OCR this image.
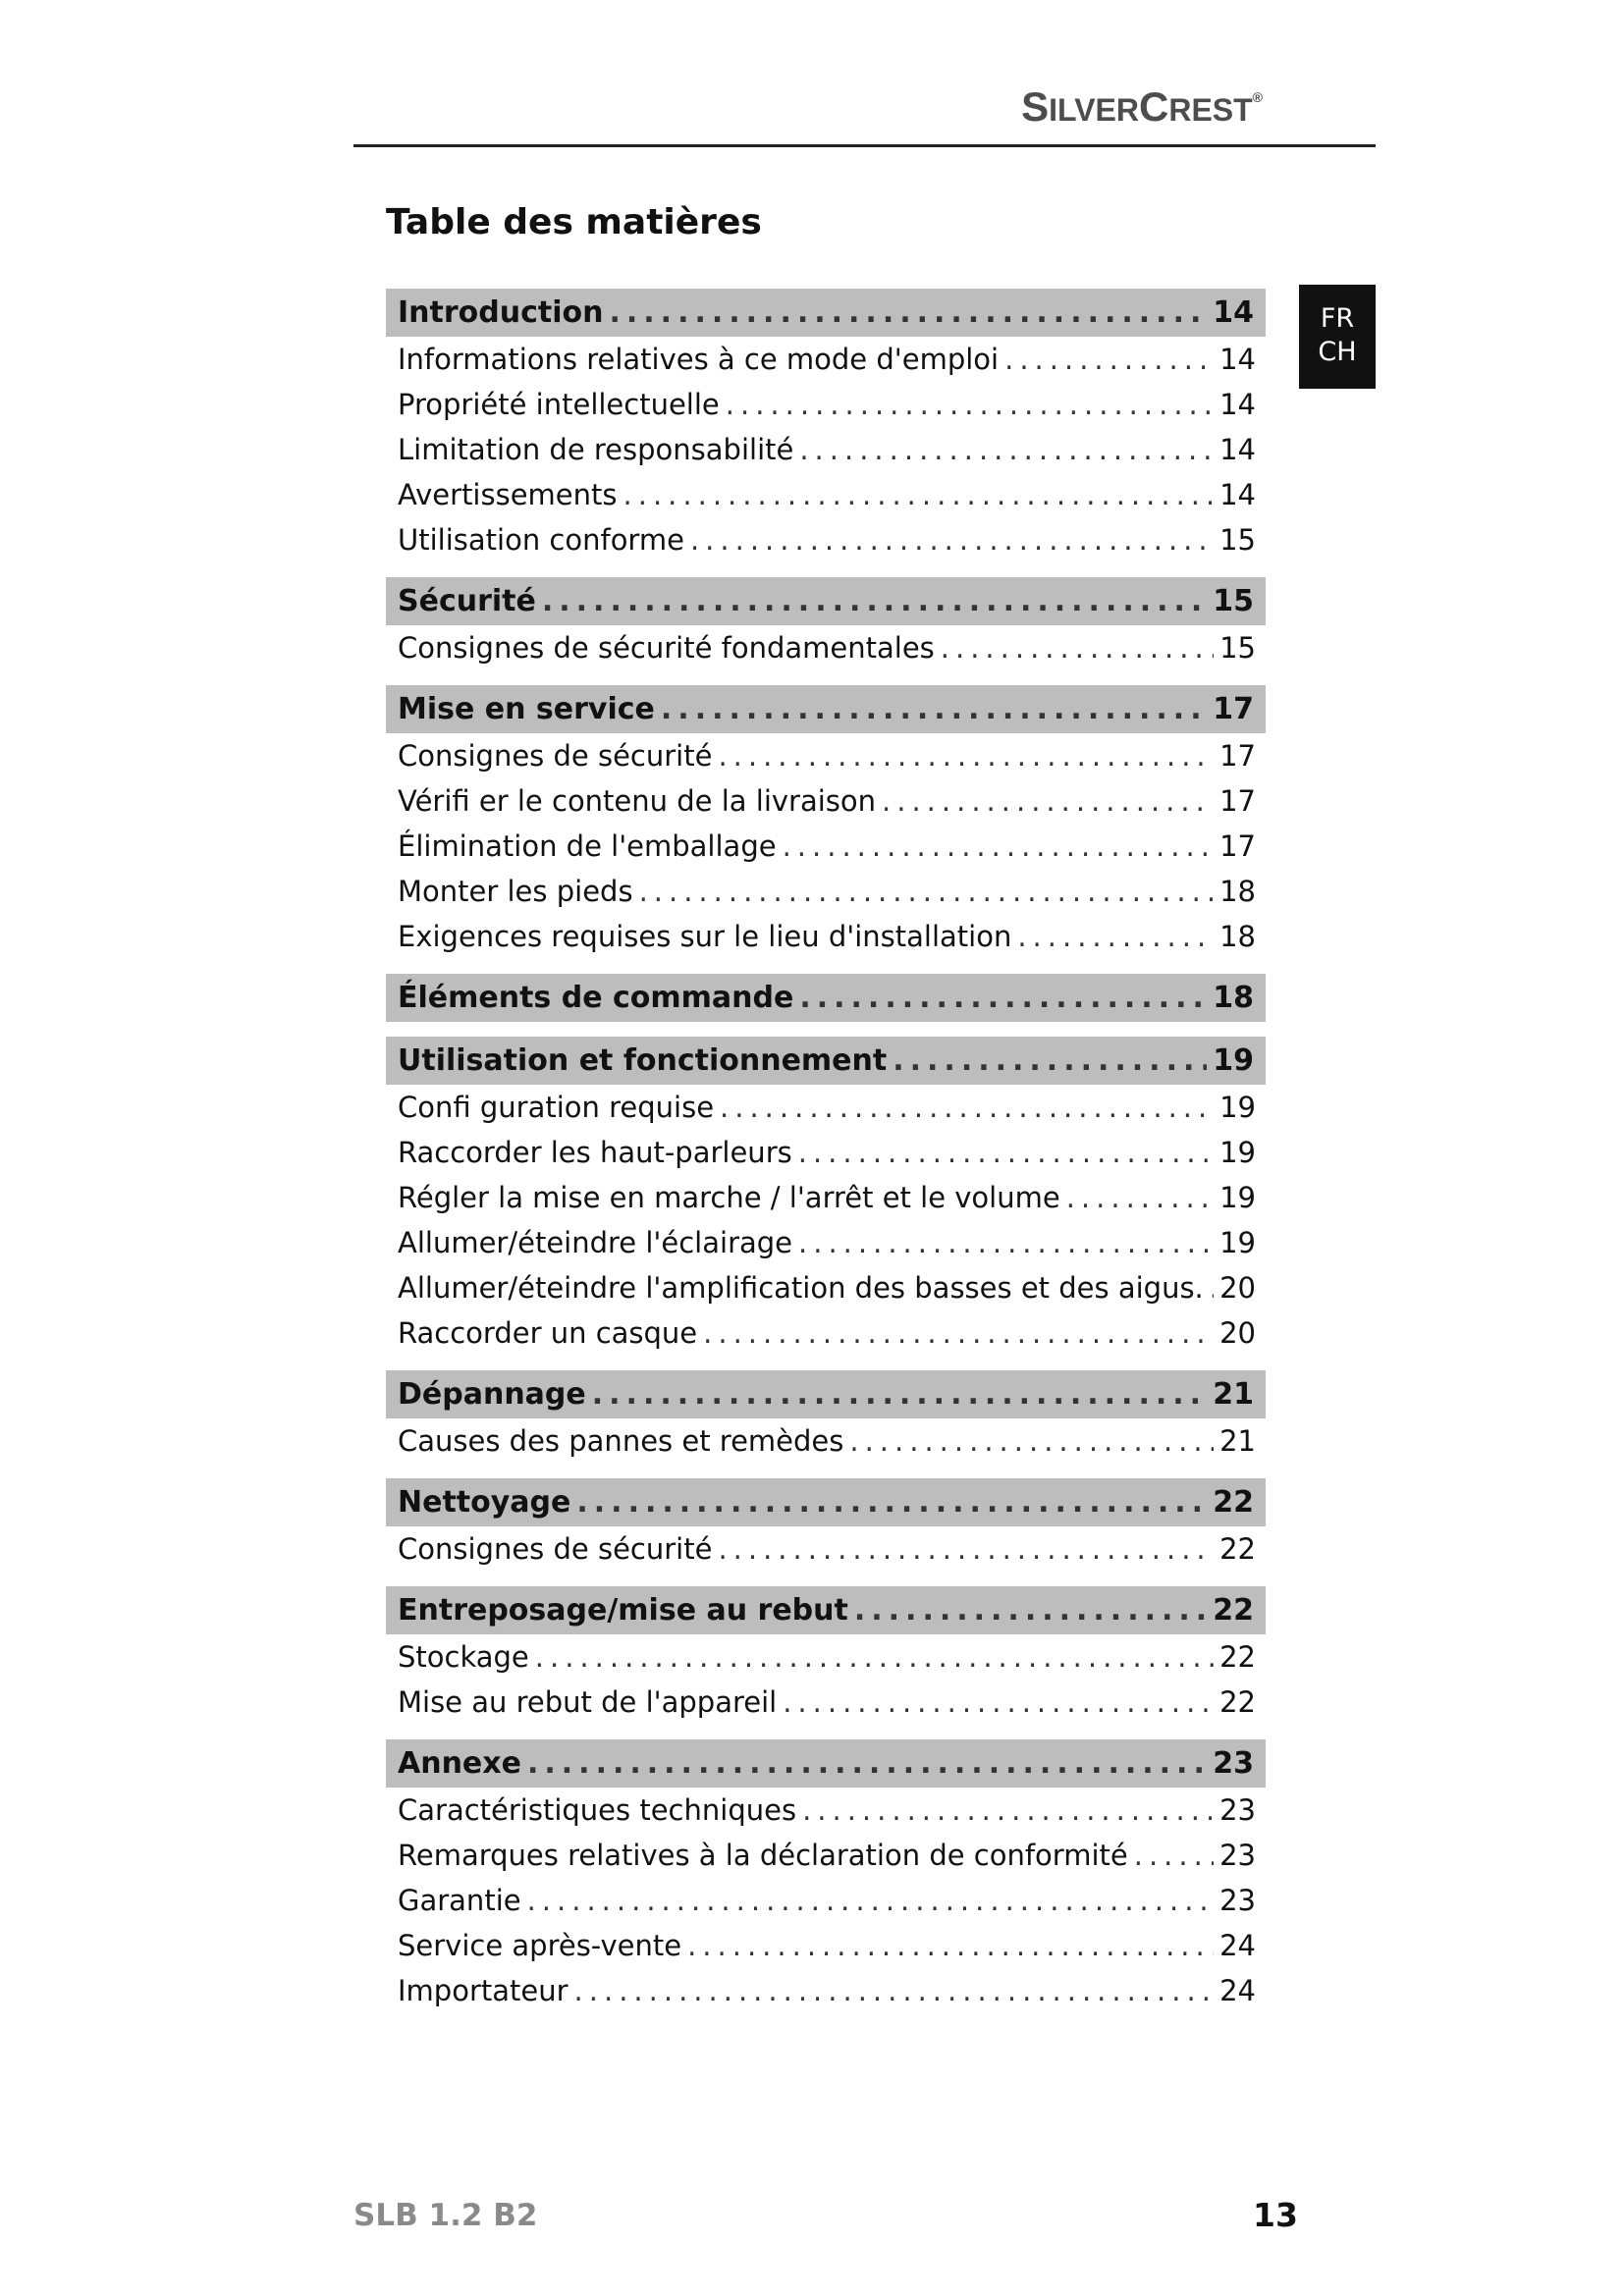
SILVERCREST®
Table des matières
FR
CH
Introduction .....	14
Informations relatives à ce mode d'emploi .....	14
Propriété intellectuelle .....	14
Limitation de responsabilité .....	14
Avertissements .....	14
Utilisation conforme .....	15
Sécurité .....	15
Consignes de sécurité fondamentales .....	15
Mise en service .....	17
Consignes de sécurité .....	17
Vérifi er le contenu de la livraison .....	17
Élimination de l'emballage .....	17
Monter les pieds .....	18
Exigences requises sur le lieu d'installation .....	18
Éléments de commande .....	18
Utilisation et fonctionnement .....	19
Confi guration requise .....	19
Raccorder les haut-parleurs .....	19
Régler la mise en marche / l'arrêt et le volume .....	19
Allumer/éteindre l'éclairage .....	19
Allumer/éteindre l'amplification des basses et des aigus. ..... 20
Raccorder un casque .....	20
Dépannage .....	21
Causes des pannes et remèdes .....	21
Nettoyage .....	22
Consignes de sécurité .....	22
Entreposage/mise au rebut .....	22
Stockage .....	22
Mise au rebut de l'appareil .....	22
Annexe .....	23
Caractéristiques techniques .....	23
Remarques relatives à la déclaration de conformité .....	23
Garantie .....	23
Service après-vente .....	24
Importateur .....	24
SLB 1.2 B2	13
